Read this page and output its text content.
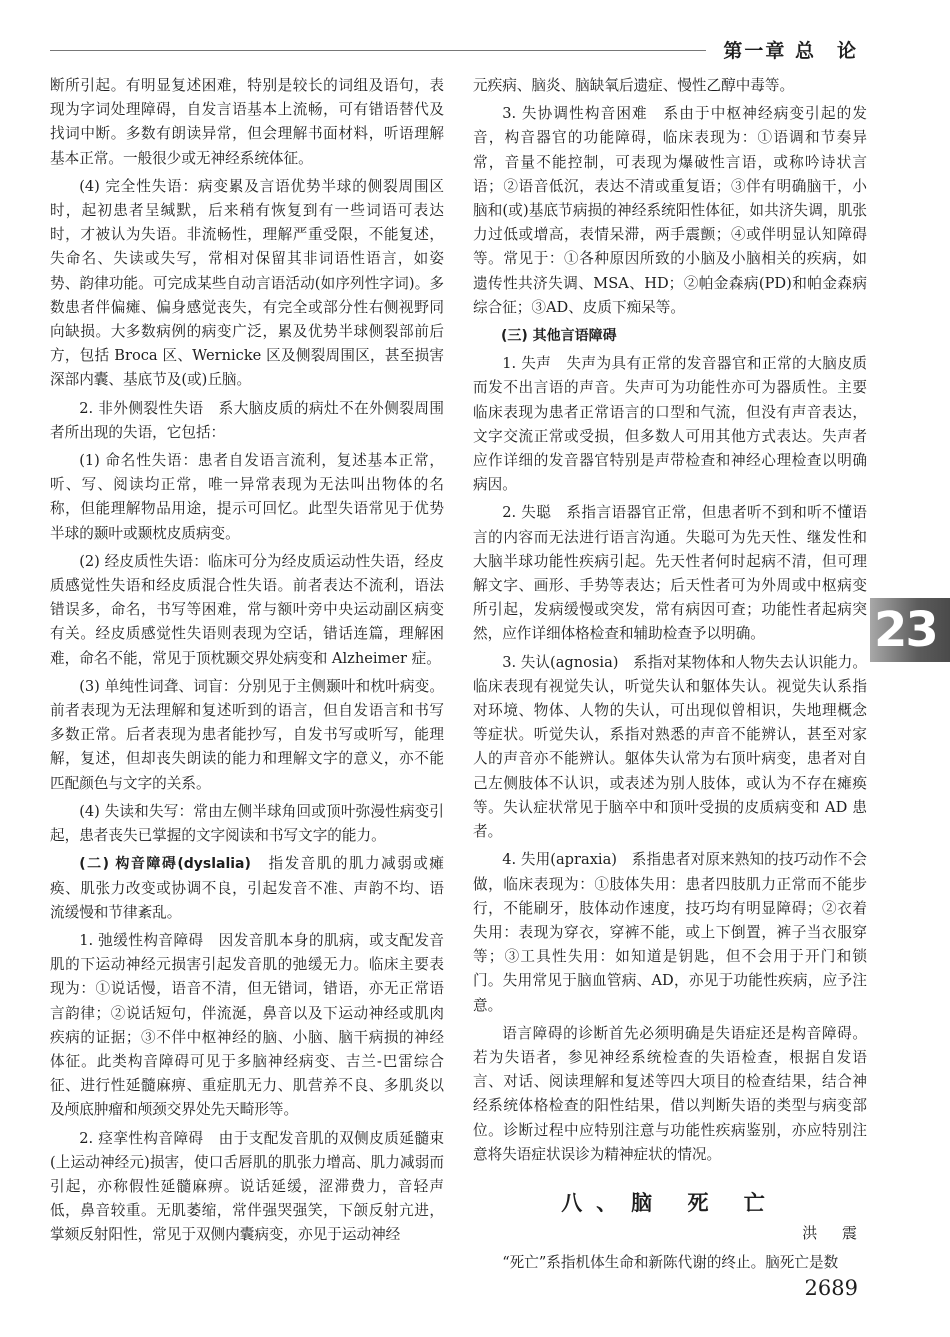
第一章 总　论

断所引起。有明显复述困难，特别是较长的词组及语句，表现为字词处理障碍，自发言语基本上流畅，可有错语替代及找词中断。多数有朗读异常，但会理解书面材料，听语理解基本正常。一般很少或无神经系统体征。

(4) 完全性失语：病变累及言语优势半球的侧裂周围区时，起初患者呈缄默，后来稍有恢复到有一些词语可表达时，才被认为失语。非流畅性，理解严重受限，不能复述，失命名、失读或失写，常相对保留其非词语性语言，如姿势、韵律功能。可完成某些自动言语活动(如序列性字词)。多数患者伴偏瘫、偏身感觉丧失，有完全或部分性右侧视野同向缺损。大多数病例的病变广泛，累及优势半球侧裂部前后方，包括 Broca 区、Wernicke 区及侧裂周围区，甚至损害深部内囊、基底节及(或)丘脑。

2. 非外侧裂性失语　系大脑皮质的病灶不在外侧裂周围者所出现的失语，它包括：

(1) 命名性失语：患者自发语言流利，复述基本正常，听、写、阅读均正常，唯一异常表现为无法叫出物体的名称，但能理解物品用途，提示可回忆。此型失语常见于优势半球的颞叶或颞枕皮质病变。

(2) 经皮质性失语：临床可分为经皮质运动性失语，经皮质感觉性失语和经皮质混合性失语。前者表达不流利，语法错误多，命名，书写等困难，常与额叶旁中央运动副区病变有关。经皮质感觉性失语则表现为空话，错话连篇，理解困难，命名不能，常见于顶枕颞交界处病变和 Alzheimer 症。

(3) 单纯性词聋、词盲：分别见于主侧颞叶和枕叶病变。前者表现为无法理解和复述听到的语言，但自发语言和书写多数正常。后者表现为患者能抄写，自发书写或听写，能理解，复述，但却丧失朗读的能力和理解文字的意义，亦不能匹配颜色与文字的关系。

(4) 失读和失写：常由左侧半球角回或顶叶弥漫性病变引起，患者丧失已掌握的文字阅读和书写文字的能力。

(二) 构音障碍(dyslalia)　指发音肌的肌力减弱或瘫痪、肌张力改变或协调不良，引起发音不准、声韵不均、语流缓慢和节律紊乱。

1. 弛缓性构音障碍　因发音肌本身的肌病，或支配发音肌的下运动神经元损害引起发音肌的弛缓无力。临床主要表现为：①说话慢，语音不清，但无错词，错语，亦无正常语言韵律；②说话短句，伴流涎，鼻音以及下运动神经或肌肉疾病的证据；③不伴中枢神经的脑、小脑、脑干病损的神经体征。此类构音障碍可见于多脑神经病变、吉兰-巴雷综合征、进行性延髓麻痹、重症肌无力、肌营养不良、多肌炎以及颅底肿瘤和颅颈交界处先天畸形等。

2. 痉挛性构音障碍　由于支配发音肌的双侧皮质延髓束(上运动神经元)损害，使口舌唇肌的肌张力增高、肌力减弱而引起，亦称假性延髓麻痹。说话延缓，涩滞费力，音轻声低，鼻音较重。无肌萎缩，常伴强哭强笑，下颌反射亢进，掌颏反射阳性，常见于双侧内囊病变，亦见于运动神经

元疾病、脑炎、脑缺氧后遗症、慢性乙醇中毒等。

3. 失协调性构音困难　系由于中枢神经病变引起的发音，构音器官的功能障碍，临床表现为：①语调和节奏异常，音量不能控制，可表现为爆破性言语，或称吟诗状言语；②语音低沉，表达不清或重复语；③伴有明确脑干，小脑和(或)基底节病损的神经系统阳性体征，如共济失调，肌张力过低或增高，表情呆滞，两手震颤；④或伴明显认知障碍等。常见于：①各种原因所致的小脑及小脑相关的疾病，如遗传性共济失调、MSA、HD；②帕金森病(PD)和帕金森病综合征；③AD、皮质下痴呆等。

(三) 其他言语障碍

1. 失声　失声为具有正常的发音器官和正常的大脑皮质而发不出言语的声音。失声可为功能性亦可为器质性。主要临床表现为患者正常语言的口型和气流，但没有声音表达，文字交流正常或受损，但多数人可用其他方式表达。失声者应作详细的发音器官特别是声带检查和神经心理检查以明确病因。

2. 失聪　系指言语器官正常，但患者听不到和听不懂语言的内容而无法进行语言沟通。失聪可为先天性、继发性和大脑半球功能性疾病引起。先天性者何时起病不清，但可理解文字、画形、手势等表达；后天性者可为外周或中枢病变所引起，发病缓慢或突发，常有病因可查；功能性者起病突然，应作详细体格检查和辅助检查予以明确。

3. 失认(agnosia)　系指对某物体和人物失去认识能力。临床表现有视觉失认，听觉失认和躯体失认。视觉失认系指对环境、物体、人物的失认，可出现似曾相识，失地理概念等症状。听觉失认，系指对熟悉的声音不能辨认，甚至对家人的声音亦不能辨认。躯体失认常为右顶叶病变，患者对自己左侧肢体不认识，或表述为别人肢体，或认为不存在瘫痪等。失认症状常见于脑卒中和顶叶受损的皮质病变和 AD 患者。

4. 失用(apraxia)　系指患者对原来熟知的技巧动作不会做，临床表现为：①肢体失用：患者四肢肌力正常而不能步行，不能刷牙，肢体动作速度，技巧均有明显障碍；②衣着失用：表现为穿衣，穿裤不能，或上下倒置，裤子当衣服穿等；③工具性失用：如知道是钥匙，但不会用于开门和锁门。失用常见于脑血管病、AD，亦见于功能性疾病，应予注意。

语言障碍的诊断首先必须明确是失语症还是构音障碍。若为失语者，参见神经系统检查的失语检查，根据自发语言、对话、阅读理解和复述等四大项目的检查结果，结合神经系统体格检查的阳性结果，借以判断失语的类型与病变部位。诊断过程中应特别注意与功能性疾病鉴别，亦应特别注意将失语症状误诊为精神症状的情况。

八、脑 死 亡
洪 震

“死亡”系指机体生命和新陈代谢的终止。脑死亡是数

23
2689
